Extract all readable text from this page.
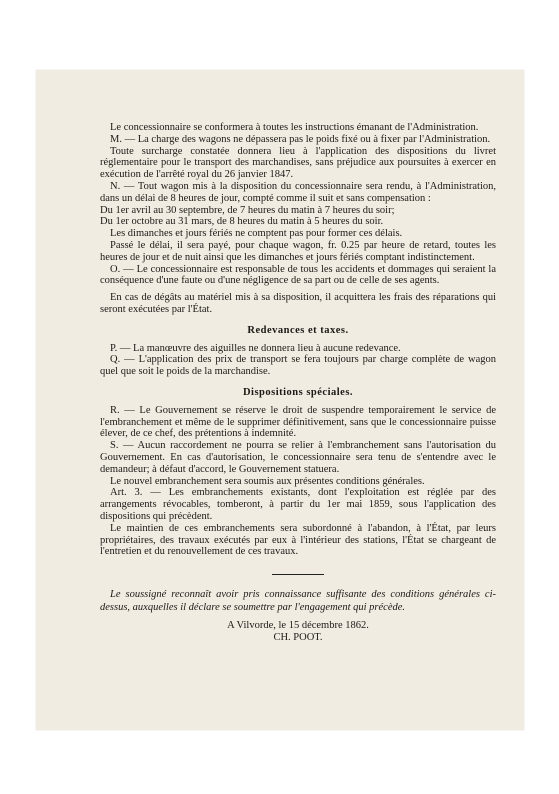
Le concessionnaire se conformera à toutes les instructions émanant de l'Administration.

M. — La charge des wagons ne dépassera pas le poids fixé ou à fixer par l'Administration.

Toute surcharge constatée donnera lieu à l'application des dispositions du livret réglementaire pour le transport des marchandises, sans préjudice aux poursuites à exercer en exécution de l'arrêté royal du 26 janvier 1847.

N. — Tout wagon mis à la disposition du concessionnaire sera rendu, à l'Administration, dans un délai de 8 heures de jour, compté comme il suit et sans compensation :

Du 1er avril au 30 septembre, de 7 heures du matin à 7 heures du soir;

Du 1er octobre au 31 mars, de 8 heures du matin à 5 heures du soir.

Les dimanches et jours fériés ne comptent pas pour former ces délais.

Passé le délai, il sera payé, pour chaque wagon, fr. 0.25 par heure de retard, toutes les heures de jour et de nuit ainsi que les dimanches et jours fériés comptant indistinctement.

O. — Le concessionnaire est responsable de tous les accidents et dommages qui seraient la conséquence d'une faute ou d'une négligence de sa part ou de celle de ses agents.

En cas de dégâts au matériel mis à sa disposition, il acquittera les frais des réparations qui seront exécutées par l'État.

Redevances et taxes.

P. — La manœuvre des aiguilles ne donnera lieu à aucune redevance.

Q. — L'application des prix de transport se fera toujours par charge complète de wagon quel que soit le poids de la marchandise.

Dispositions spéciales.

R. — Le Gouvernement se réserve le droit de suspendre temporairement le service de l'embranchement et même de le supprimer définitivement, sans que le concessionnaire puisse élever, de ce chef, des prétentions à indemnité.

S. — Aucun raccordement ne pourra se relier à l'embranchement sans l'autorisation du Gouvernement. En cas d'autorisation, le concessionnaire sera tenu de s'entendre avec le demandeur; à défaut d'accord, le Gouvernement statuera.

Le nouvel embranchement sera soumis aux présentes conditions générales.

Art. 3. — Les embranchements existants, dont l'exploitation est réglée par des arrangements révocables, tomberont, à partir du 1er mai 1859, sous l'application des dispositions qui précèdent.

Le maintien de ces embranchements sera subordonné à l'abandon, à l'État, par leurs propriétaires, des travaux exécutés par eux à l'intérieur des stations, l'État se chargeant de l'entretien et du renouvellement de ces travaux.

Le soussigné reconnaît avoir pris connaissance suffisante des conditions générales ci-dessus, auxquelles il déclare se soumettre par l'engagement qui précède.

A Vilvorde, le 15 décembre 1862.
CH. POOT.
